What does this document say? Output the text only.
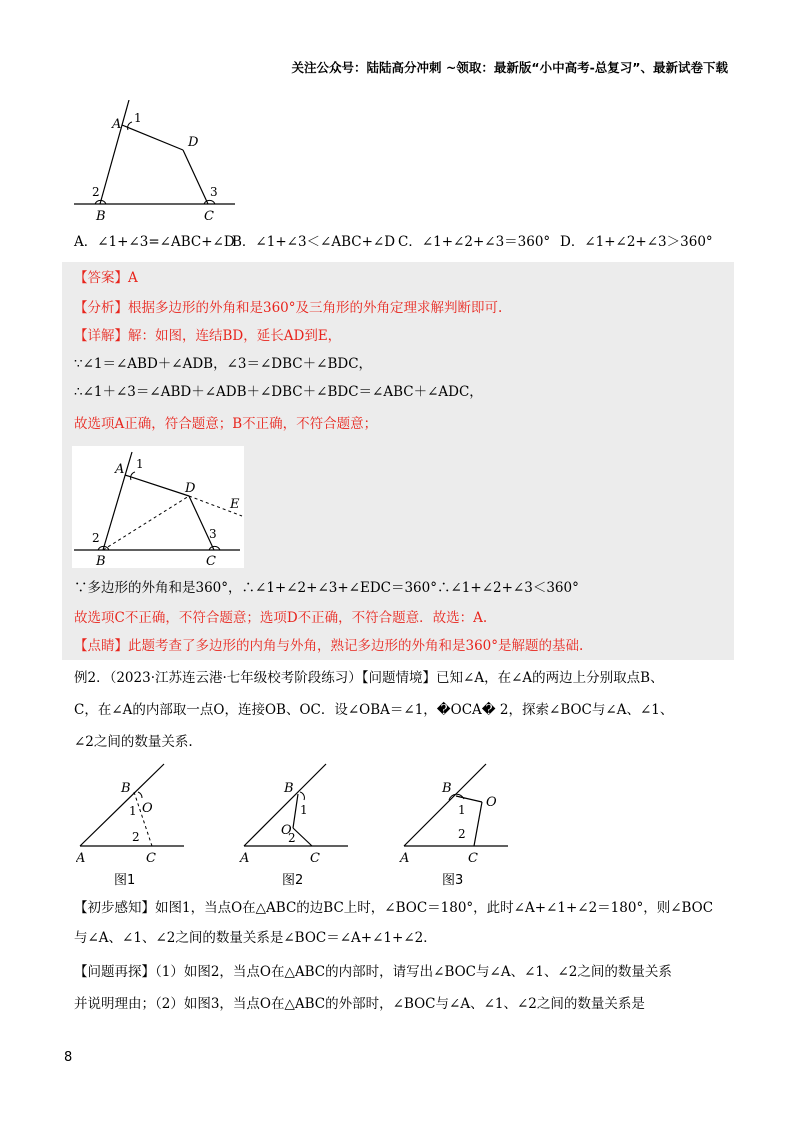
关注公众号：陆陆高分冲刺 ~领取：最新版“小中高考-总复习”、最新试卷下载
A 1
D
2	3
B	C
A．∠1+∠3=∠ABC+∠D
B．∠1+∠3＜∠ABC+∠D C．∠1+∠2+∠3＝360° D．∠1+∠2+∠3＞360°
【答案】A
【分析】根据多边形的外角和是360°及三角形的外角定理求解判断即可.
【详解】解：如图，连结BD，延长AD到E，
∵∠1＝∠ABD＋∠ADB，∠3＝∠DBC＋∠BDC，
∴∠1＋∠3＝∠ABD＋∠ADB＋∠DBC＋∠BDC＝∠ABC＋∠ADC，
故选项A正确，符合题意；B不正确，不符合题意；
A 1
D
E
2	3
B	C
∵多边形的外角和是360°，∴∠1+∠2+∠3+∠EDC＝360°∴∠1+∠2+∠3＜360°
故选项C不正确，不符合题意；选项D不正确，不符合题意．故选：A.
【点睛】此题考查了多边形的内角与外角，熟记多边形的外角和是360°是解题的基础.
例2．（2023·江苏连云港·七年级校考阶段练习）【问题情境】已知∠A，在∠A的两边上分别取点B、
C，在∠A的内部取一点O，连接OB、OC．设∠OBA＝∠1，�OCA� 2，探索∠BOC与∠A、∠1、
∠2之间的数量关系.
B
O
1
2
A	C
图1
B
O
1
2
A	C
图2
B
O
1
2
A	C
图3
【初步感知】如图1，当点O在△ABC的边BC上时，∠BOC＝180°，此时∠A+∠1+∠2＝180°，则∠BOC
与∠A、∠1、∠2之间的数量关系是∠BOC＝∠A+∠1+∠2．
【问题再探】（1）如图2，当点O在△ABC的内部时，请写出∠BOC与∠A、∠1、∠2之间的数量关系
并说明理由；（2）如图3，当点O在△ABC的外部时，∠BOC与∠A、∠1、∠2之间的数量关系是
8
